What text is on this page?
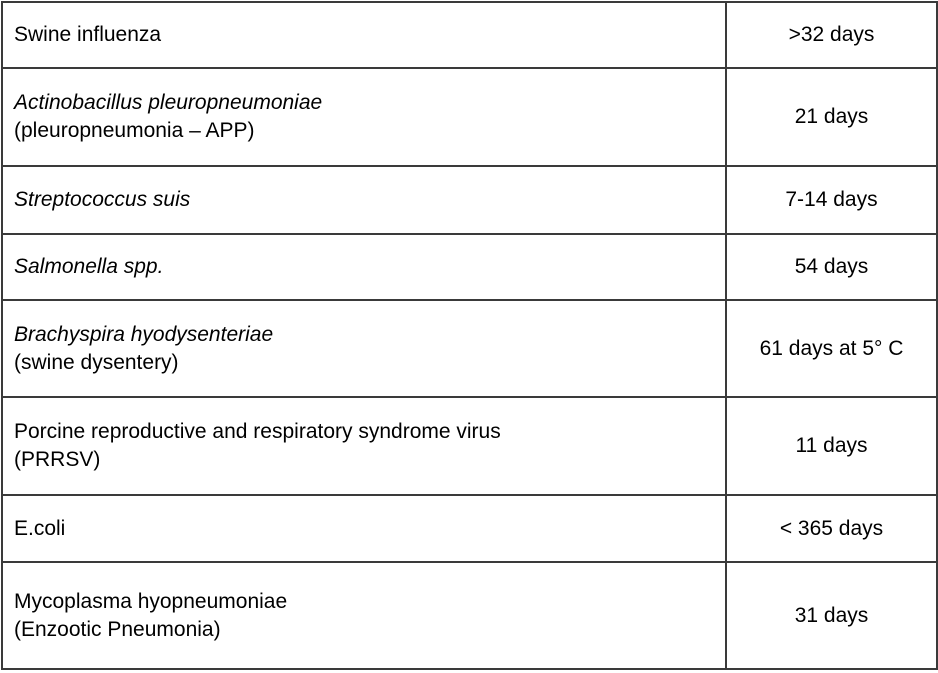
Swine influenza	>32 days

Actinobacillus pleuropneumoniae
(pleuropneumonia – APP)	21 days

Streptococcus suis	7-14 days

Salmonella spp.	54 days

Brachyspira hyodysenteriae
(swine dysentery)	61 days at 5° C

Porcine reproductive and respiratory syndrome virus
(PRRSV)	11 days

E.coli	< 365 days

Mycoplasma hyopneumoniae
(Enzootic Pneumonia)	31 days
